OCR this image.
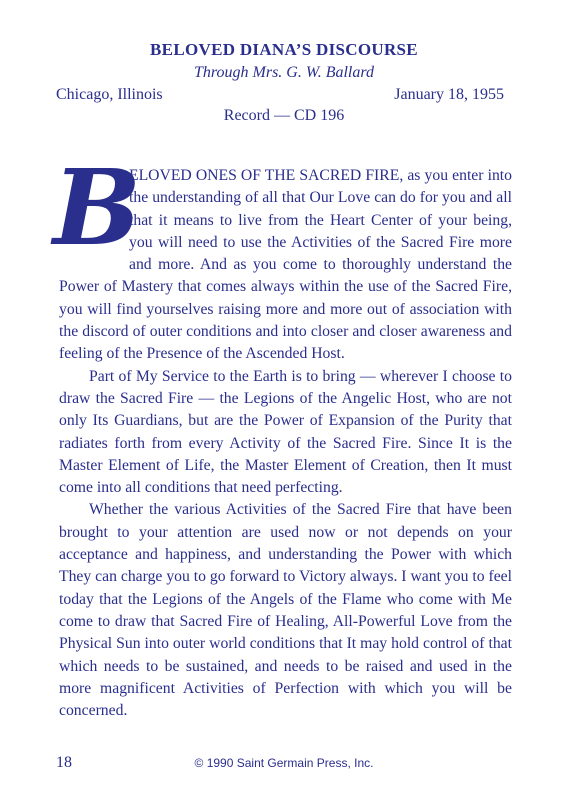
BELOVED DIANA’S DISCOURSE
Through Mrs. G. W. Ballard
Chicago, Illinois	January 18, 1955
Record — CD 196

B
ELOVED ONES OF THE SACRED FIRE, as you enter into the understanding of all that Our Love can do for you and all that it means to live from the Heart Center of your being, you will need to use the Activities of the Sacred Fire more and more. And as you come to thoroughly understand the Power of Mastery that comes always within the use of the Sacred Fire, you will find yourselves raising more and more out of association with the discord of outer conditions and into closer and closer awareness and feeling of the Presence of the Ascended Host.

Part of My Service to the Earth is to bring — wherever I choose to draw the Sacred Fire — the Legions of the Angelic Host, who are not only Its Guardians, but are the Power of Expansion of the Purity that radiates forth from every Activity of the Sacred Fire. Since It is the Master Element of Life, the Master Element of Creation, then It must come into all conditions that need perfecting.

Whether the various Activities of the Sacred Fire that have been brought to your attention are used now or not depends on your acceptance and happiness, and understanding the Power with which They can charge you to go forward to Victory always. I want you to feel today that the Legions of the Angels of the Flame who come with Me come to draw that Sacred Fire of Healing, All-Powerful Love from the Physical Sun into outer world conditions that It may hold control of that which needs to be sustained, and needs to be raised and used in the more magnificent Activities of Perfection with which you will be concerned.

18	© 1990 Saint Germain Press, Inc.
